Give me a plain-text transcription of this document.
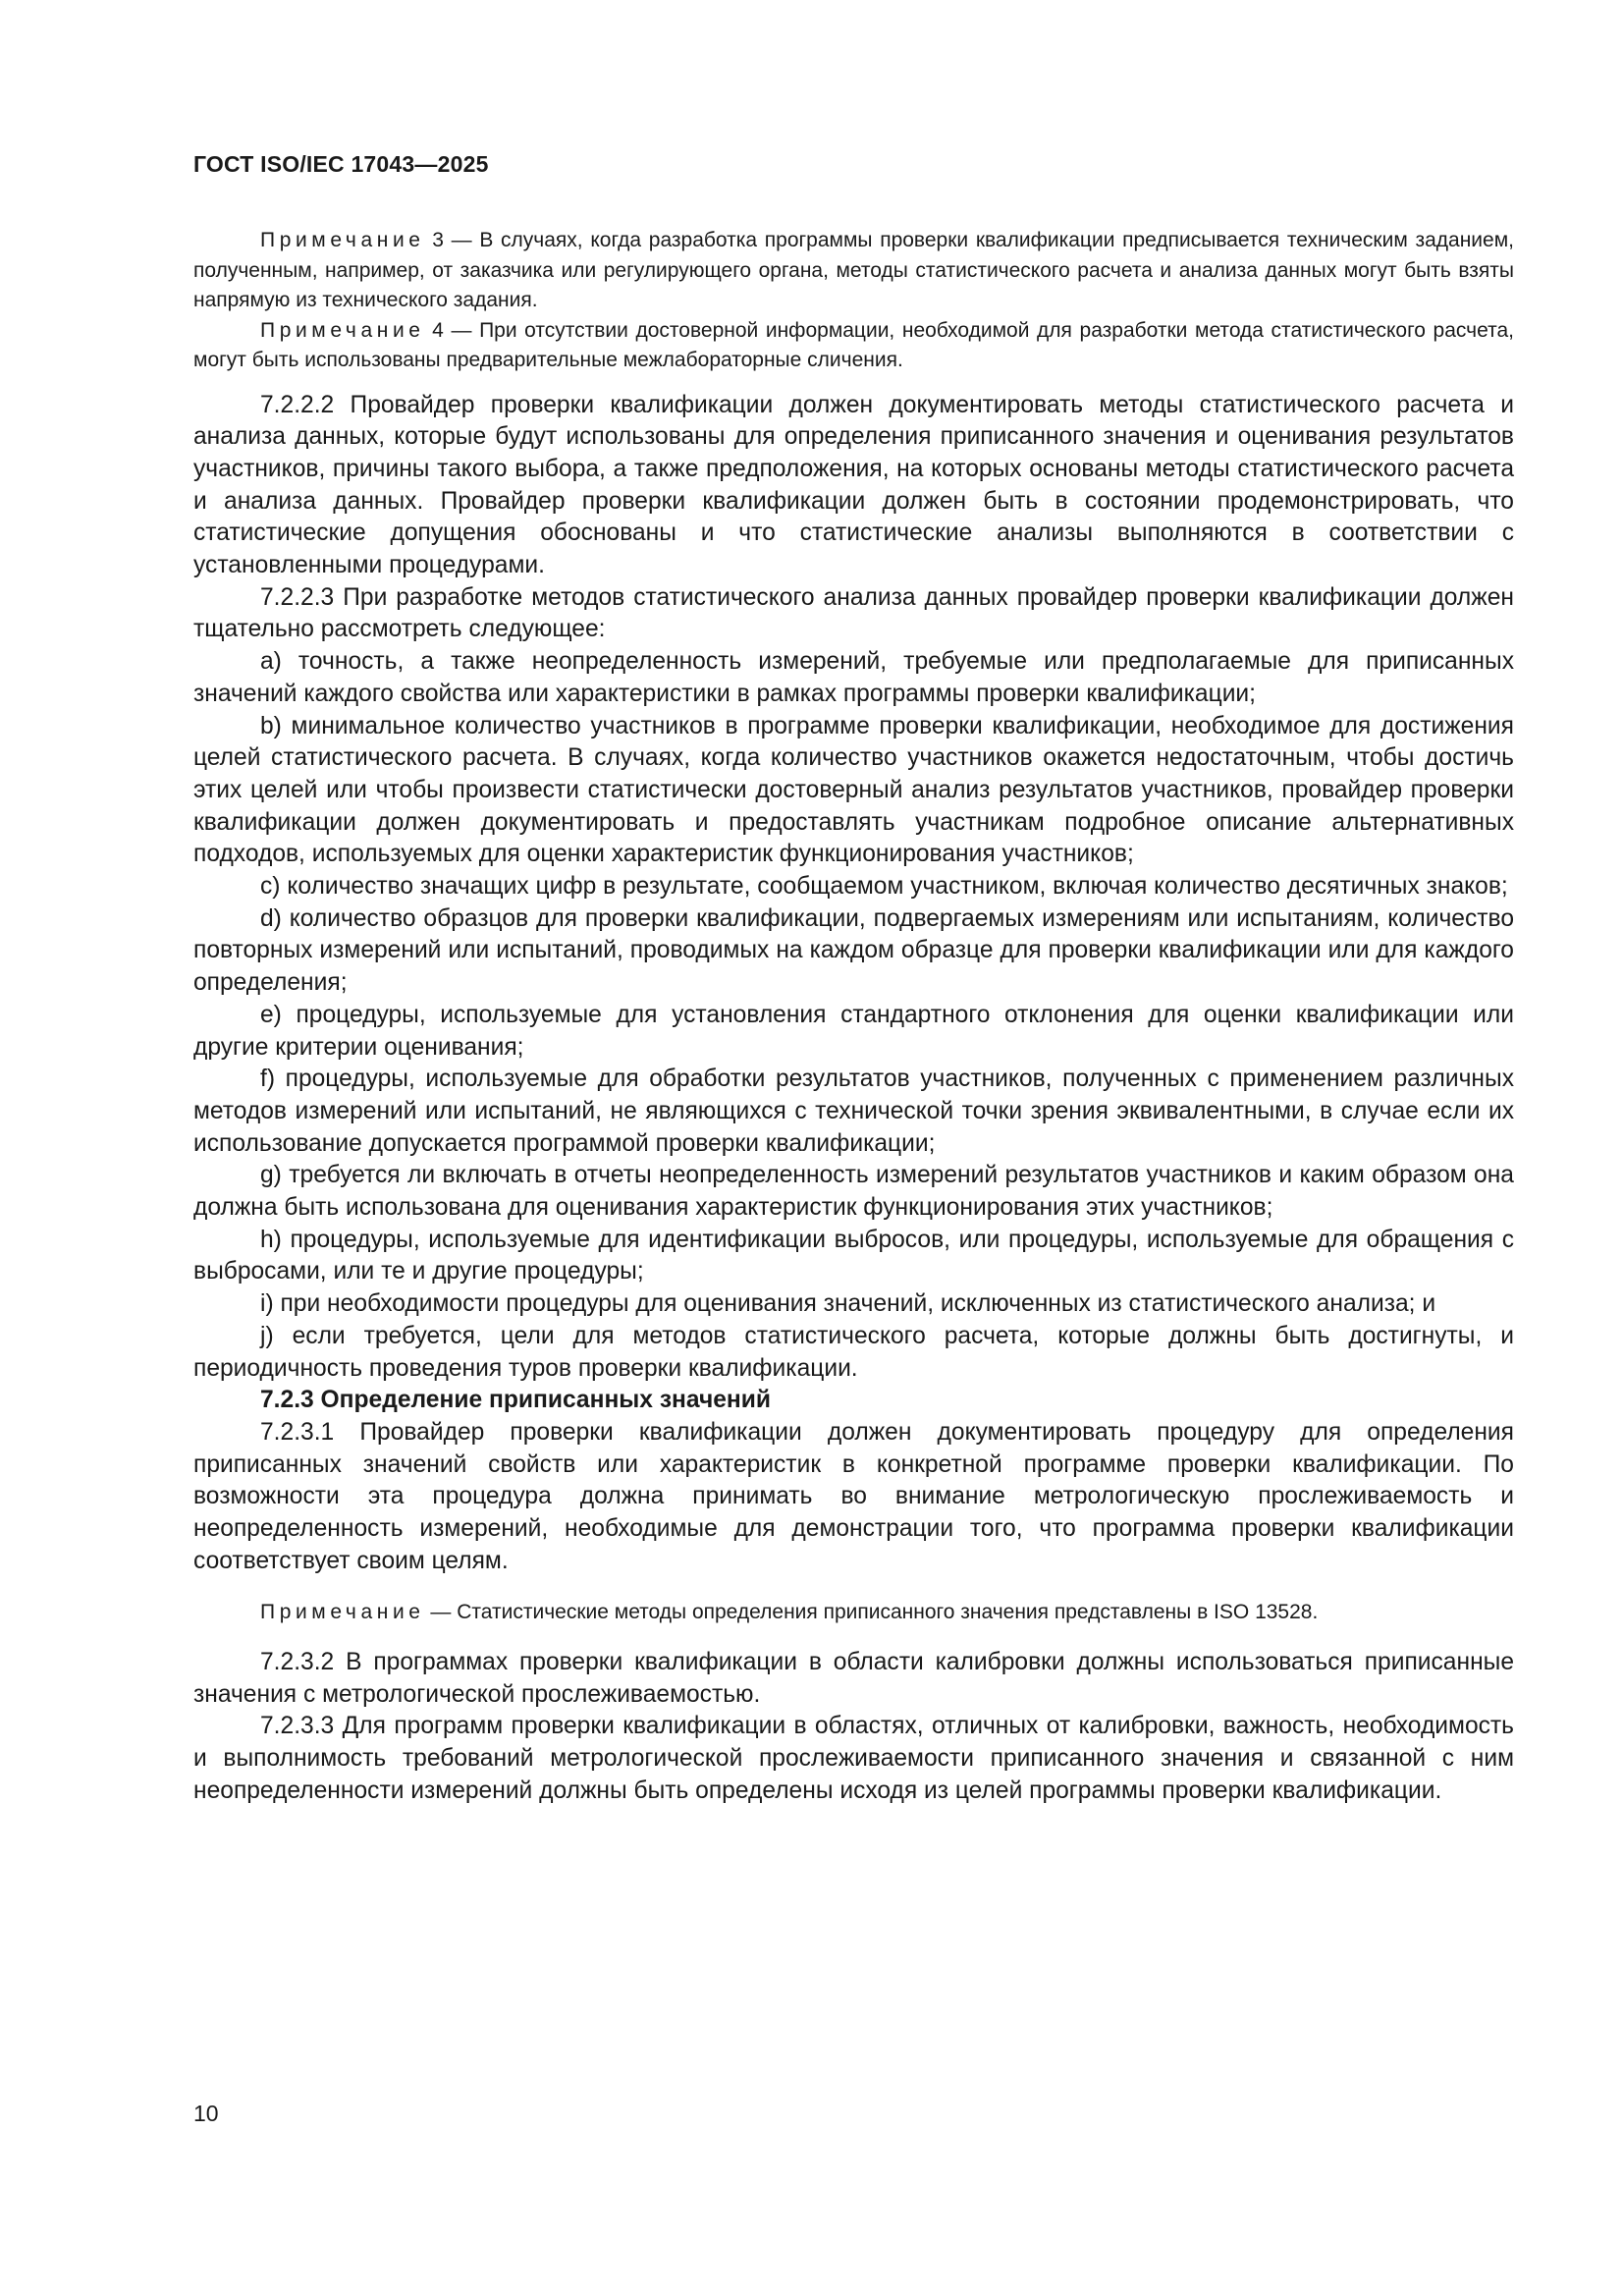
ГОСТ ISO/IEC 17043—2025

Примечание 3 — В случаях, когда разработка программы проверки квалификации предписывается техническим заданием, полученным, например, от заказчика или регулирующего органа, методы статистического расчета и анализа данных могут быть взяты напрямую из технического задания.

Примечание 4 — При отсутствии достоверной информации, необходимой для разработки метода статистического расчета, могут быть использованы предварительные межлабораторные сличения.

7.2.2.2 Провайдер проверки квалификации должен документировать методы статистического расчета и анализа данных, которые будут использованы для определения приписанного значения и оценивания результатов участников, причины такого выбора, а также предположения, на которых основаны методы статистического расчета и анализа данных. Провайдер проверки квалификации должен быть в состоянии продемонстрировать, что статистические допущения обоснованы и что статистические анализы выполняются в соответствии с установленными процедурами.

7.2.2.3 При разработке методов статистического анализа данных провайдер проверки квалификации должен тщательно рассмотреть следующее:

a) точность, а также неопределенность измерений, требуемые или предполагаемые для приписанных значений каждого свойства или характеристики в рамках программы проверки квалификации;

b) минимальное количество участников в программе проверки квалификации, необходимое для достижения целей статистического расчета. В случаях, когда количество участников окажется недостаточным, чтобы достичь этих целей или чтобы произвести статистически достоверный анализ результатов участников, провайдер проверки квалификации должен документировать и предоставлять участникам подробное описание альтернативных подходов, используемых для оценки характеристик функционирования участников;

c) количество значащих цифр в результате, сообщаемом участником, включая количество десятичных знаков;

d) количество образцов для проверки квалификации, подвергаемых измерениям или испытаниям, количество повторных измерений или испытаний, проводимых на каждом образце для проверки квалификации или для каждого определения;

e) процедуры, используемые для установления стандартного отклонения для оценки квалификации или другие критерии оценивания;

f) процедуры, используемые для обработки результатов участников, полученных с применением различных методов измерений или испытаний, не являющихся с технической точки зрения эквивалентными, в случае если их использование допускается программой проверки квалификации;

g) требуется ли включать в отчеты неопределенность измерений результатов участников и каким образом она должна быть использована для оценивания характеристик функционирования этих участников;

h) процедуры, используемые для идентификации выбросов, или процедуры, используемые для обращения с выбросами, или те и другие процедуры;

i) при необходимости процедуры для оценивания значений, исключенных из статистического анализа; и

j) если требуется, цели для методов статистического расчета, которые должны быть достигнуты, и периодичность проведения туров проверки квалификации.

7.2.3 Определение приписанных значений

7.2.3.1 Провайдер проверки квалификации должен документировать процедуру для определения приписанных значений свойств или характеристик в конкретной программе проверки квалификации. По возможности эта процедура должна принимать во внимание метрологическую прослеживаемость и неопределенность измерений, необходимые для демонстрации того, что программа проверки квалификации соответствует своим целям.

Примечание — Статистические методы определения приписанного значения представлены в ISO 13528.

7.2.3.2 В программах проверки квалификации в области калибровки должны использоваться приписанные значения с метрологической прослеживаемостью.

7.2.3.3 Для программ проверки квалификации в областях, отличных от калибровки, важность, необходимость и выполнимость требований метрологической прослеживаемости приписанного значения и связанной с ним неопределенности измерений должны быть определены исходя из целей программы проверки квалификации.

10
